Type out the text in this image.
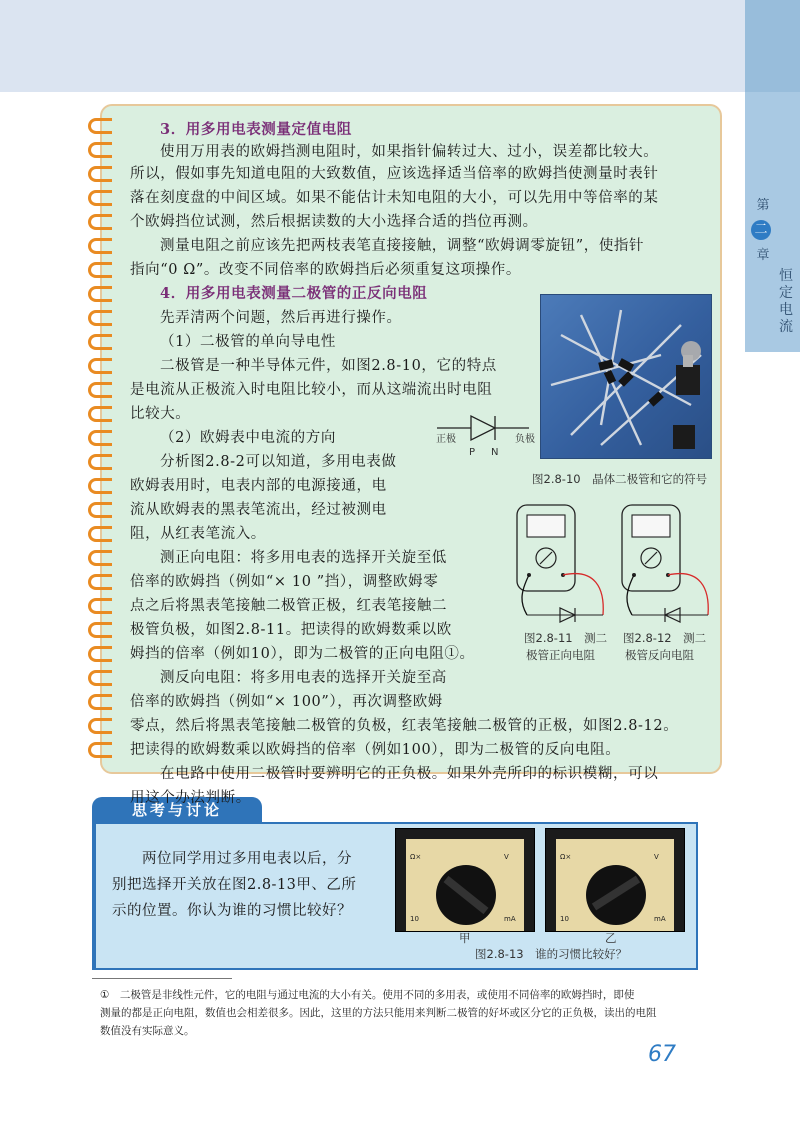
第
二
章
恒定电流
3．用多用电表测量定值电阻
使用万用表的欧姆挡测电阻时，如果指针偏转过大、过小，误差都比较大。
所以，假如事先知道电阻的大致数值，应该选择适当倍率的欧姆挡使测量时表针
落在刻度盘的中间区域。如果不能估计未知电阻的大小，可以先用中等倍率的某
个欧姆挡位试测，然后根据读数的大小选择合适的挡位再测。
测量电阻之前应该先把两枝表笔直接接触，调整“欧姆调零旋钮”，使指针
指向“0 Ω”。改变不同倍率的欧姆挡后必须重复这项操作。
4．用多用电表测量二极管的正反向电阻
先弄清两个问题，然后再进行操作。
（1）二极管的单向导电性
二极管是一种半导体元件，如图2.8-10，它的特点
是电流从正极流入时电阻比较小，而从这端流出时电阻
比较大。
（2）欧姆表中电流的方向
分析图2.8-2可以知道，多用电表做
欧姆表用时，电表内部的电源接通，电
流从欧姆表的黑表笔流出，经过被测电
阻，从红表笔流入。
测正向电阻：将多用电表的选择开关旋至低
倍率的欧姆挡（例如“× 10 ”挡），调整欧姆零
点之后将黑表笔接触二极管正极，红表笔接触二
极管负极，如图2.8-11。把读得的欧姆数乘以欧
姆挡的倍率（例如10），即为二极管的正向电阻①。
测反向电阻：将多用电表的选择开关旋至高
倍率的欧姆挡（例如“× 100”），再次调整欧姆
零点，然后将黑表笔接触二极管的负极，红表笔接触二极管的正极，如图2.8-12。
把读得的欧姆数乘以欧姆挡的倍率（例如100），即为二极管的反向电阻。
正极	负极
P N
图2.8-10　晶体二极管和它的符号
图2.8-11　测二
极管正向电阻
图2.8-12　测二
极管反向电阻
思考与讨论
两位同学用过多用电表以后，分
别把选择开关放在图2.8-13甲、乙所
示的位置。你认为谁的习惯比较好？
Ω×	V
10	mA
Ω×	V
10	mA
甲	乙
图2.8-13　谁的习惯比较好？
①　二极管是非线性元件，它的电阻与通过电流的大小有关。使用不同的多用表，或使用不同倍率的欧姆挡时，即使
测量的都是正向电阻，数值也会相差很多。因此，这里的方法只能用来判断二极管的好坏或区分它的正负极，读出的电阻
数值没有实际意义。
67
在电路中使用二极管时要辨明它的正负极。如果外壳所印的标识模糊，可以
用这个办法判断。
